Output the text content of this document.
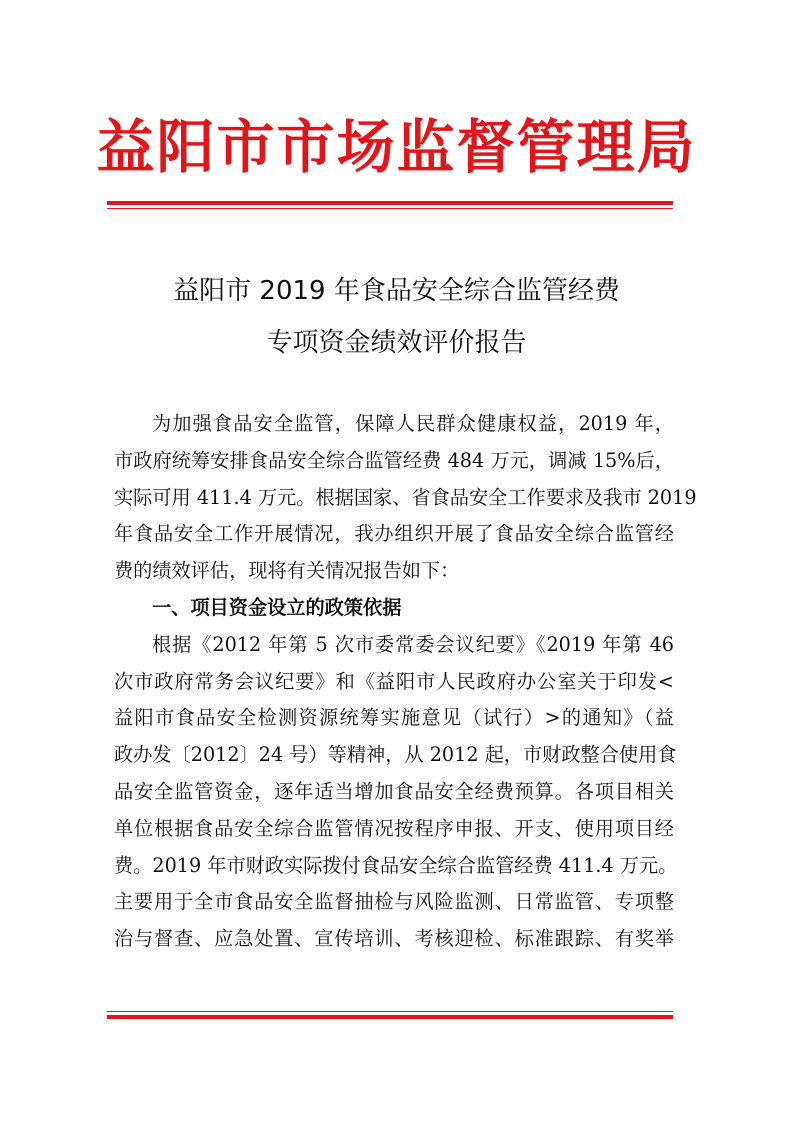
益阳市市场监督管理局
益阳市 2019 年食品安全综合监管经费
专项资金绩效评价报告
为加强食品安全监管，保障人民群众健康权益，2019 年，
市政府统筹安排食品安全综合监管经费 484 万元，调减 15%后，
实际可用 411.4 万元。根据国家、省食品安全工作要求及我市 2019
年食品安全工作开展情况，我办组织开展了食品安全综合监管经
费的绩效评估，现将有关情况报告如下：
一、项目资金设立的政策依据
根据《2012 年第 5 次市委常委会议纪要》《2019 年第 46
次市政府常务会议纪要》和《益阳市人民政府办公室关于印发<
益阳市食品安全检测资源统筹实施意见（试行）>的通知》（益
政办发〔2012〕24 号）等精神，从 2012 起，市财政整合使用食
品安全监管资金，逐年适当增加食品安全经费预算。各项目相关
单位根据食品安全综合监管情况按程序申报、开支、使用项目经
费。2019 年市财政实际拨付食品安全综合监管经费 411.4 万元。
主要用于全市食品安全监督抽检与风险监测、日常监管、专项整
治与督查、应急处置、宣传培训、考核迎检、标准跟踪、有奖举
